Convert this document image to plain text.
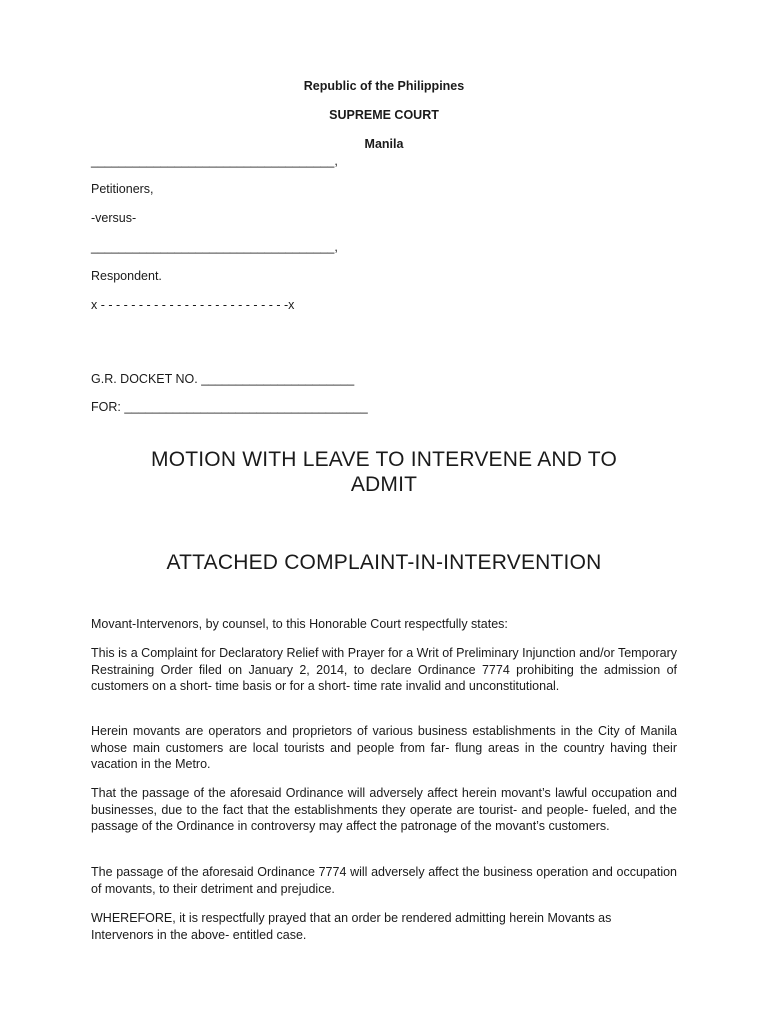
Republic of the Philippines
SUPREME COURT
Manila
___________________________________,
Petitioners,
-versus-
___________________________________,
Respondent.
x - - - - - - - - - - - - - - - - - - - - - - - - -x
G.R. DOCKET NO. ______________________
FOR: ___________________________________
MOTION WITH LEAVE TO INTERVENE AND TO
ADMIT
ATTACHED COMPLAINT-IN-INTERVENTION
Movant-Intervenors, by counsel, to this Honorable Court respectfully states:
This is a Complaint for Declaratory Relief with Prayer for a Writ of Preliminary Injunction and/or Temporary Restraining Order filed on January 2, 2014, to declare Ordinance 7774 prohibiting the admission of customers on a short- time basis or for a short- time rate invalid and unconstitutional.
Herein movants are operators and proprietors of various business establishments in the City of Manila whose main customers are local tourists and people from far- flung areas in the country having their vacation in the Metro.
That the passage of the aforesaid Ordinance will adversely affect herein movant’s lawful occupation and businesses, due to the fact that the establishments they operate are tourist- and people- fueled, and the passage of the Ordinance in controversy may affect the patronage of the movant’s customers.
The passage of the aforesaid Ordinance 7774 will adversely affect the business operation and occupation of movants, to their detriment and prejudice.
WHEREFORE, it is respectfully prayed that an order be rendered admitting herein Movants as Intervenors in the above- entitled case.
